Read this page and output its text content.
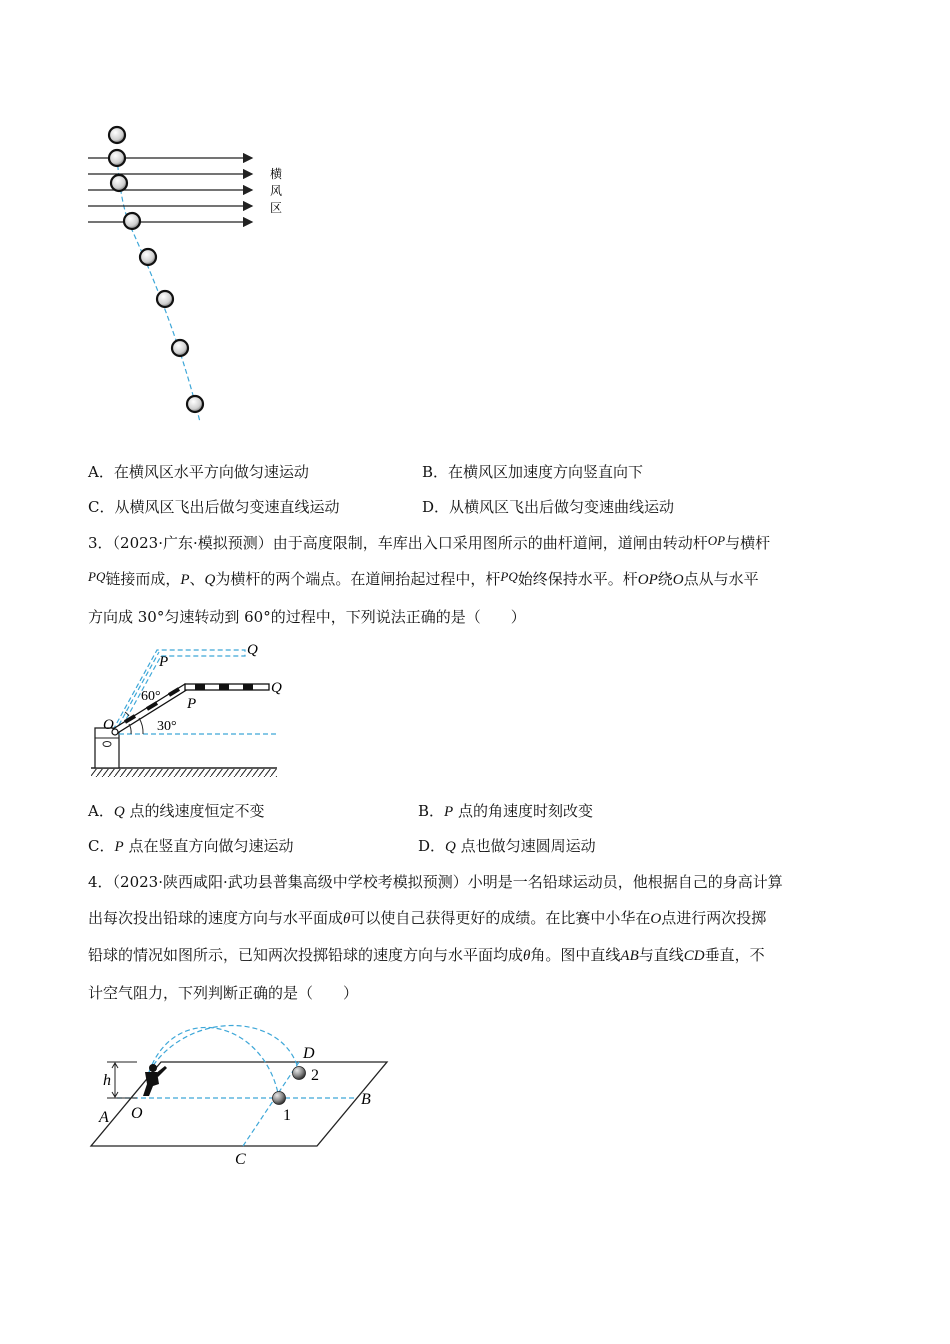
横
风
区
A．在横风区水平方向做匀速运动	B．在横风区加速度方向竖直向下
C．从横风区飞出后做匀变速直线运动	D．从横风区飞出后做匀变速曲线运动
3．（2023·广东·模拟预测）由于高度限制，车库出入口采用图所示的曲杆道闸，道闸由转动杆OP与横杆
PQ链接而成，P、Q为横杆的两个端点。在道闸抬起过程中，杆PQ始终保持水平。杆OP绕O点从与水平
方向成 30°匀速转动到 60°的过程中，下列说法正确的是（　　）
Q
P
60° P
Q
O	30°
A．Q 点的线速度恒定不变	B．P 点的角速度时刻改变
C．P 点在竖直方向做匀速运动	D．Q 点也做匀速圆周运动
4．（2023·陕西咸阳·武功县普集高级中学校考模拟预测）小明是一名铅球运动员，他根据自己的身高计算
出每次投出铅球的速度方向与水平面成θ可以使自己获得更好的成绩。在比赛中小华在O点进行两次投掷
铅球的情况如图所示，已知两次投掷铅球的速度方向与水平面均成θ角。图中直线AB与直线CD垂直，不
计空气阻力，下列判断正确的是（　　）
h
A O
D
2
1
B
C
